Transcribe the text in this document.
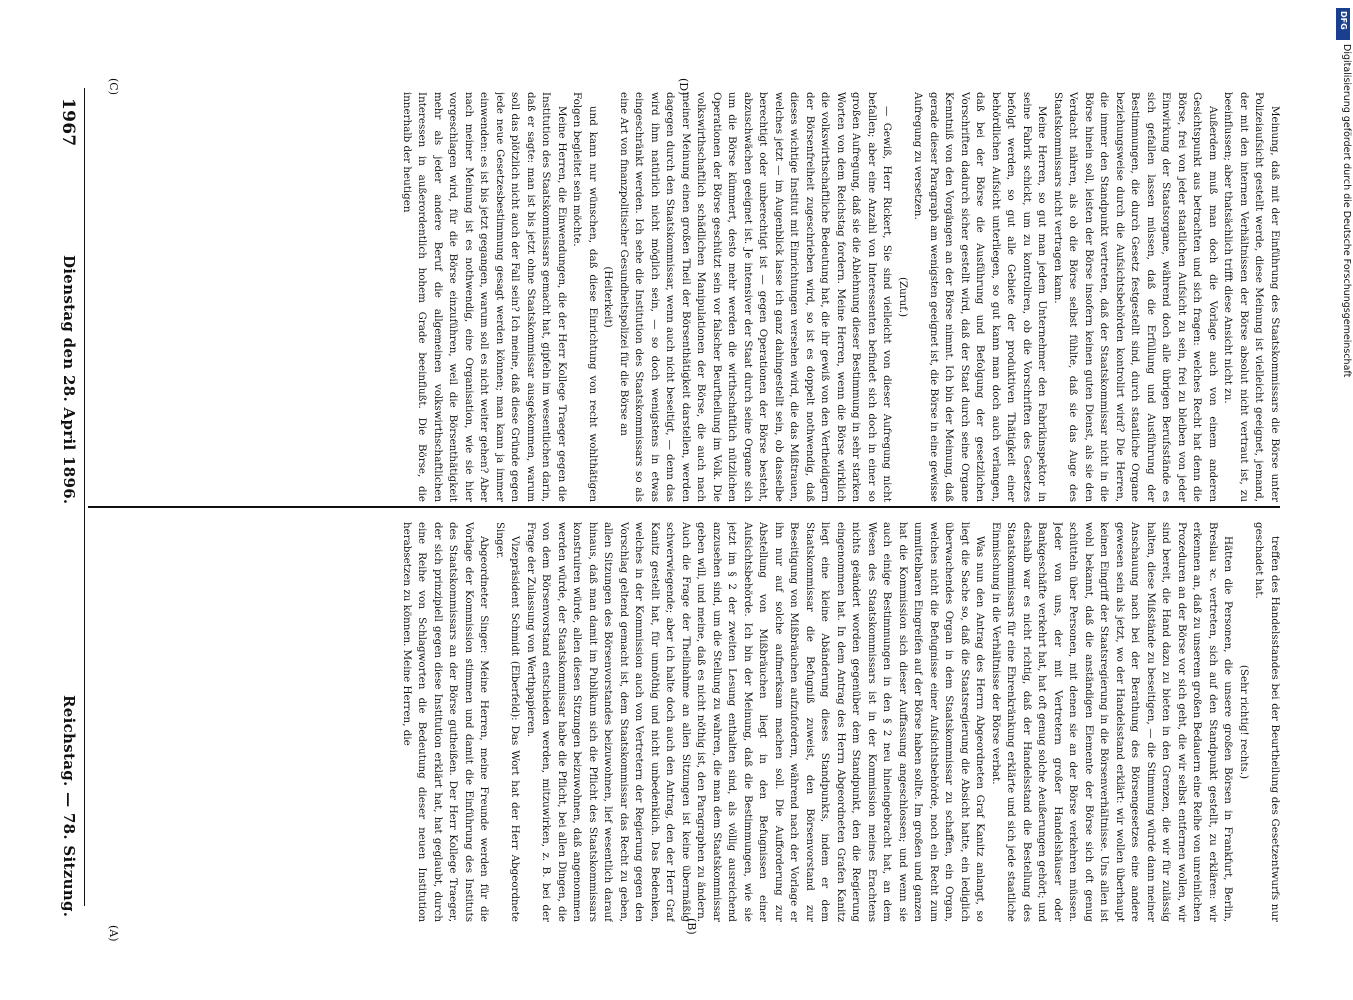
Reichstag. — 78. Sitzung.
Dienstag den 28. April 1896.
1967
(A)	(B)
(C)	(D)

treffen des Handelsstandes bei der Beurtheilung des Gesetzentwurfs nur geschadet hat.

(Sehr richtig! rechts.)

Hätten die Personen, die unsere großen Börsen in Frankfurt, Berlin, Breslau ꝛc. vertreten, sich auf den Standpunkt gestellt, zu erklären: wir erkennen an, daß zu unserem großen Bedauern eine Reihe von unreinlichen Prozeduren an der Börse vor sich geht, die wir selbst entfernen wollen, wir sind bereit, die Hand dazu zu bieten in den Grenzen, die wir für zulässig halten, diese Mißstände zu beseitigen, — die Stimmung würde dann meiner Anschauung nach bei der Berathung des Börsengesetzes eine andere gewesen sein als jetzt, wo der Handelsstand erklärt: wir wollen überhaupt keinen Eingriff der Staatsregierung in die Börsenverhältnisse. Uns allen ist wohl bekannt, daß die anständigen Elemente der Börse sich oft genug schütteln über Personen, mit denen sie an der Börse verkehren müssen. Jeder von uns, der mit Vertretern großer Handelshäuser oder Bankgeschäfte verkehrt hat, hat oft genug solche Aeußerungen gehört; und deshalb war es nicht richtig, daß der Handelsstand die Bestellung des Staatskommissars für eine Ehrenkränkung erklärte und sich jede staatliche Einmischung in die Verhältnisse der Börse verbat.

Was nun den Antrag des Herrn Abgeordneten Graf Kanitz anlangt, so liegt die Sache so, daß die Staatsregierung die Absicht hatte, ein lediglich überwachendes Organ in dem Staatskommissar zu schaffen, ein Organ, welches nicht die Befugnisse einer Aufsichtsbehörde, noch ein Recht zum unmittelbaren Eingreifen auf der Börse haben sollte. Im großen und ganzen hat die Kommission sich dieser Auffassung angeschlossen; und wenn sie auch einige Bestimmungen in den § 2 neu hineingebracht hat, an dem Wesen des Staatskommissars ist in der Kommission meines Erachtens nichts geändert worden gegenüber dem Standpunkt, den die Regierung eingenommen hat. In dem Antrag des Herrn Abgeordneten Grafen Kanitz liegt eine kleine Abänderung dieses Standpunkts, indem er dem Staatskommissar die Befugniß zuweist, den Börsenvorstand zur Beseitigung von Mißbräuchen aufzufordern, während nach der Vorlage er ihn nur auf solche aufmerksam machen soll. Die Aufforderung zur Abstellung von Mißbräuchen liegt in den Befugnissen einer Aufsichtsbehörde. Ich bin der Meinung, daß die Bestimmungen, wie sie jetzt im § 2 der zweiten Lesung enthalten sind, als völlig ausreichend anzusehen sind, um die Stellung zu wahren, die man dem Staatskommissar geben will, und meine, daß es nicht nöthig ist, den Paragraphen zu ändern. Auch die Frage der Theilnahme an allen Sitzungen ist keine übermäßig schwerwiegende; aber ich halte doch auch den Antrag, den der Herr Graf Kanitz gestellt hat, für unnöthig und nicht unbedenklich. Das Bedenken, welches in der Kommission auch von Vertretern der Regierung gegen den Vorschlag geltend gemacht ist, dem Staatskommissar das Recht zu geben, allen Sitzungen des Börsenvorstandes beizuwohnen, lief wesentlich darauf hinaus, daß man damit im Publikum sich die Pflicht des Staatskommissars konstruiren würde, allen diesen Sitzungen beizuwohnen, daß angenommen werden würde, der Staatskommissar habe die Pflicht, bei allen Dingen, die von dem Börsenvorstand entschieden werden, mitzuwirken, z. B. bei der Frage der Zulassung von Werthpapieren.

Vizepräsident Schmidt (Elberfeld): Das Wort hat der Herr Abgeordnete Singer.

Abgeordneter Singer: Meine Herren, meine Freunde werden für die Vorlage der Kommission stimmen und damit die Einführung des Instituts des Staatskommissars an der Börse gutheißen. Der Herr Kollege Traeger, der sich prinzipiell gegen diese Institution erklärt hat, hat geglaubt, durch eine Reihe von Schlagworten die Bedeutung dieser neuen Institution herabsetzen zu können. Meine Herren, die

Meinung, daß mit der Einführung des Staatskommissars die Börse unter Polizeiaufsicht gestellt werde, diese Meinung ist vielleicht geeignet, jemand, der mit den internen Verhältnissen der Börse absolut nicht vertraut ist, zu beeinflussen; aber thatsächlich trifft diese Ansicht nicht zu.

Außerdem muß man doch die Vorlage auch von einem anderen Gesichtspunkt aus betrachten und sich fragen: welches Recht hat denn die Börse, frei von jeder staatlichen Aufsicht zu sein, frei zu bleiben von jeder Einwirkung der Staatsorgane, während doch alle übrigen Berufsstände es sich gefallen lassen müssen, daß die Erfüllung und Ausführung der Bestimmungen, die durch Gesetz festgestellt sind, durch staatliche Organe beziehungsweise durch die Aufsichtsbehörden kontrolirt wird? Die Herren, die immer den Standpunkt vertreten, daß der Staatskommissar nicht in die Börse hinein soll, leisten der Börse insofern keinen guten Dienst, als sie den Verdacht nähren, als ob die Börse selbst fühlte, daß sie das Auge des Staatskommissars nicht vertragen kann.

Meine Herren, so gut man jedem Unternehmer den Fabrikinspektor in seine Fabrik schickt, um zu kontroliren, ob die Vorschriften des Gesetzes befolgt werden, so gut alle Gebiete der produktiven Thätigkeit einer behördlichen Aufsicht unterliegen, so gut kann man doch auch verlangen, daß bei der Börse die Ausführung und Befolgung der gesetzlichen Vorschriften dadurch sicher gestellt wird, daß der Staat durch seine Organe Kenntniß von den Vorgängen an der Börse nimmt. Ich bin der Meinung, daß gerade dieser Paragraph am wenigsten geeignet ist, die Börse in eine gewisse Aufregung zu versetzen.

(Zuruf.)

— Gewiß, Herr Rickert, Sie sind vielleicht von dieser Aufregung nicht befallen; aber eine Anzahl von Interessenten befindet sich doch in einer so großen Aufregung, daß sie die Ablehnung dieser Bestimmung in sehr starken Worten von dem Reichstag fordern. Meine Herren, wenn die Börse wirklich die volkswirthschaftliche Bedeutung hat, die ihr gewiß von den Vertheidigern der Börsenfreiheit zugeschrieben wird, so ist es doppelt nothwendig, daß dieses wichtige Institut mit Einrichtungen versehen wird, die das Mißtrauen, welches jetzt — im Augenblick lasse ich ganz dahingestellt sein, ob dasselbe berechtigt oder unberechtigt ist — gegen Operationen der Börse besteht, abzuschwächen geeignet ist. Je intensiver der Staat durch seine Organe sich um die Börse kümmert, desto mehr werden die wirthschaftlich nützlichen Operationen der Börse geschützt sein vor falscher Beurtheilung im Volk. Die volkswirthschaftlich schädlichen Manipulationen der Börse, die auch nach meiner Meinung einen großen Theil der Börsenthätigkeit darstellen, werden dagegen durch den Staatskommissar, wenn auch nicht beseitigt, — denn das wird ihm natürlich nicht möglich sein, — so doch wenigstens in etwas eingeschränkt werden. Ich sehe die Institution des Staatskommissars so als eine Art von finanzpolitischer Gesundheitspolizei für die Börse an

(Heiterkeit)

und kann nur wünschen, daß diese Einrichtung von recht wohlthätigen Folgen begleitet sein möchte.

Meine Herren, die Einwendungen, die der Herr Kollege Traeger gegen die Institution des Staatskommissars gemacht hat, gipfeln im wesentlichen darin, daß er sagte: man ist bis jetzt ohne Staatskommissar ausgekommen, warum soll das plötzlich nicht auch der Fall sein? Ich meine, daß diese Gründe gegen jede neue Gesetzesbestimmung gesagt werden können; man kann ja immer einwenden: es ist bis jetzt gegangen, warum soll es nicht weiter gehen? Aber nach meiner Meinung ist es nothwendig, eine Organisation, wie sie hier vorgeschlagen wird, für die Börse einzuführen, weil die Börsenthätigkeit mehr als jeder andere Beruf die allgemeinen volkswirthschaftlichen Interessen in außerordentlich hohem Grade beeinflußt. Die Börse, die innerhalb der heutigen

DFG
Digitalisierung gefördert durch die Deutsche Forschungsgemeinschaft
